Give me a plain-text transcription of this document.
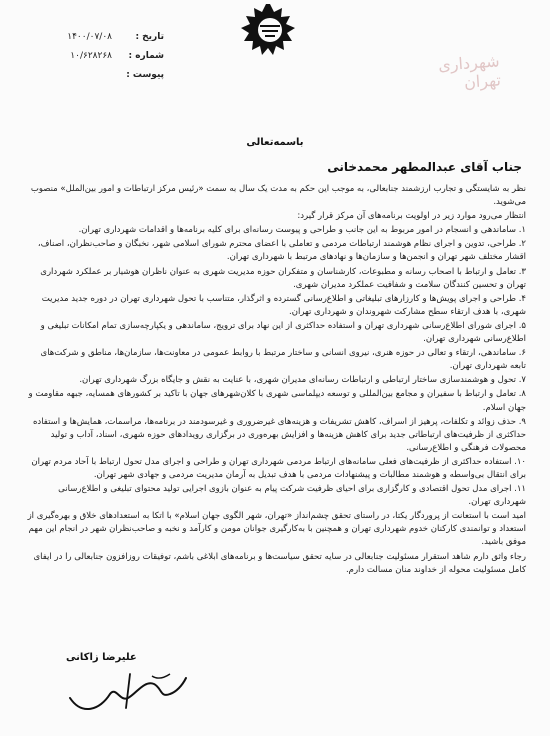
شهرداری تهران
تاریخ :
۱۴۰۰/۰۷/۰۸
شماره :
۱۰/۶۲۸۲۶۸
پیوست :
باسمه‌تعالی
جناب آقای عبدالمطهر محمدخانی

نظر به شایستگی و تجارب ارزشمند جنابعالی، به موجب این حکم به مدت یک سال به سمت «رئیس مرکز ارتباطات و امور بین‌الملل» منصوب می‌شوید.

انتظار می‌رود موارد زیر در اولویت برنامه‌های آن مرکز قرار گیرد:

۱. ساماندهی و انسجام در امور مربوط به این جانب و طراحی و پیوست رسانه‌ای برای کلیه برنامه‌ها و اقدامات شهرداری تهران.

۲. طراحی، تدوین و اجرای نظام هوشمند ارتباطات مردمی و تعاملی با اعضای محترم شورای اسلامی شهر، نخبگان و صاحب‌نظران، اصناف، اقشار مختلف شهر تهران و انجمن‌ها و سازمان‌ها و نهادهای مرتبط با شهرداری تهران.

۳. تعامل و ارتباط با اصحاب رسانه و مطبوعات، کارشناسان و متفکران حوزه مدیریت شهری به عنوان ناظران هوشیار بر عملکرد شهرداری تهران و تحسین کنندگان سلامت و شفافیت عملکرد مدیران شهری.

۴. طراحی و اجرای پویش‌ها و کارزارهای تبلیغاتی و اطلاع‌رسانی گسترده و اثرگذار، متناسب با تحول شهرداری تهران در دوره جدید مدیریت شهری، با هدف ارتقاء سطح مشارکت شهروندان و شهرداری تهران.

۵. اجرای شورای اطلاع‌رسانی شهرداری تهران و استفاده حداکثری از این نهاد برای ترویج، ساماندهی و یکپارچه‌سازی تمام امکانات تبلیغی و اطلاع‌رسانی شهرداری تهران.

۶. ساماندهی، ارتقاء و تعالی در حوزه هنری، نیروی انسانی و ساختار مرتبط با روابط عمومی در معاونت‌ها، سازمان‌ها، مناطق و شرکت‌های تابعه شهرداری تهران.

۷. تحول و هوشمندسازی ساختار ارتباطی و ارتباطات رسانه‌ای مدیران شهری، با عنایت به نقش و جایگاه بزرگ شهرداری تهران.

۸. تعامل و ارتباط با سفیران و مجامع بین‌المللی و توسعه دیپلماسی شهری با کلان‌شهرهای جهان با تاکید بر کشورهای همسایه، جبهه مقاومت و جهان اسلام.

۹. حذف زوائد و تکلفات، پرهیز از اسراف، کاهش تشریفات و هزینه‌های غیرضروری و غیرسودمند در برنامه‌ها، مراسمات، همایش‌ها و استفاده حداکثری از ظرفیت‌های ارتباطاتی جدید برای کاهش هزینه‌ها و افزایش بهره‌وری در برگزاری رویدادهای حوزه شهری، اسناد، آداب و تولید محصولات فرهنگی و اطلاع‌رسانی.

۱۰. استفاده حداکثری از ظرفیت‌های فعلی سامانه‌های ارتباط مردمی شهرداری تهران و طراحی و اجرای مدل تحول ارتباط با آحاد مردم تهران برای انتقال بی‌واسطه و هوشمند مطالبات و پیشنهادات مردمی با هدف تبدیل به آرمان مدیریت مردمی و جهادی شهر تهران.

۱۱. اجرای مدل تحول اقتصادی و کارگزاری برای احیای ظرفیت شرکت پیام به عنوان بازوی اجرایی تولید محتوای تبلیغی و اطلاع‌رسانی شهرداری تهران.

امید است با استعانت از پروردگار یکتا، در راستای تحقق چشم‌انداز «تهران، شهر الگوی جهان اسلام» با اتکا به استعدادهای خلاق و بهره‌گیری از استعداد و توانمندی کارکنان خدوم شهرداری تهران و همچنین با به‌کارگیری جوانان مومن و کارآمد و نخبه و صاحب‌نظران شهر در انجام این مهم موفق باشید.

رجاء واثق دارم شاهد استقرار مسئولیت جنابعالی در سایه تحقق سیاست‌ها و برنامه‌های ابلاغی باشم، توفیقات روزافزون جنابعالی را در ایفای کامل مسئولیت محوله از خداوند منان مسالت دارم.

علیرضا زاکانی
